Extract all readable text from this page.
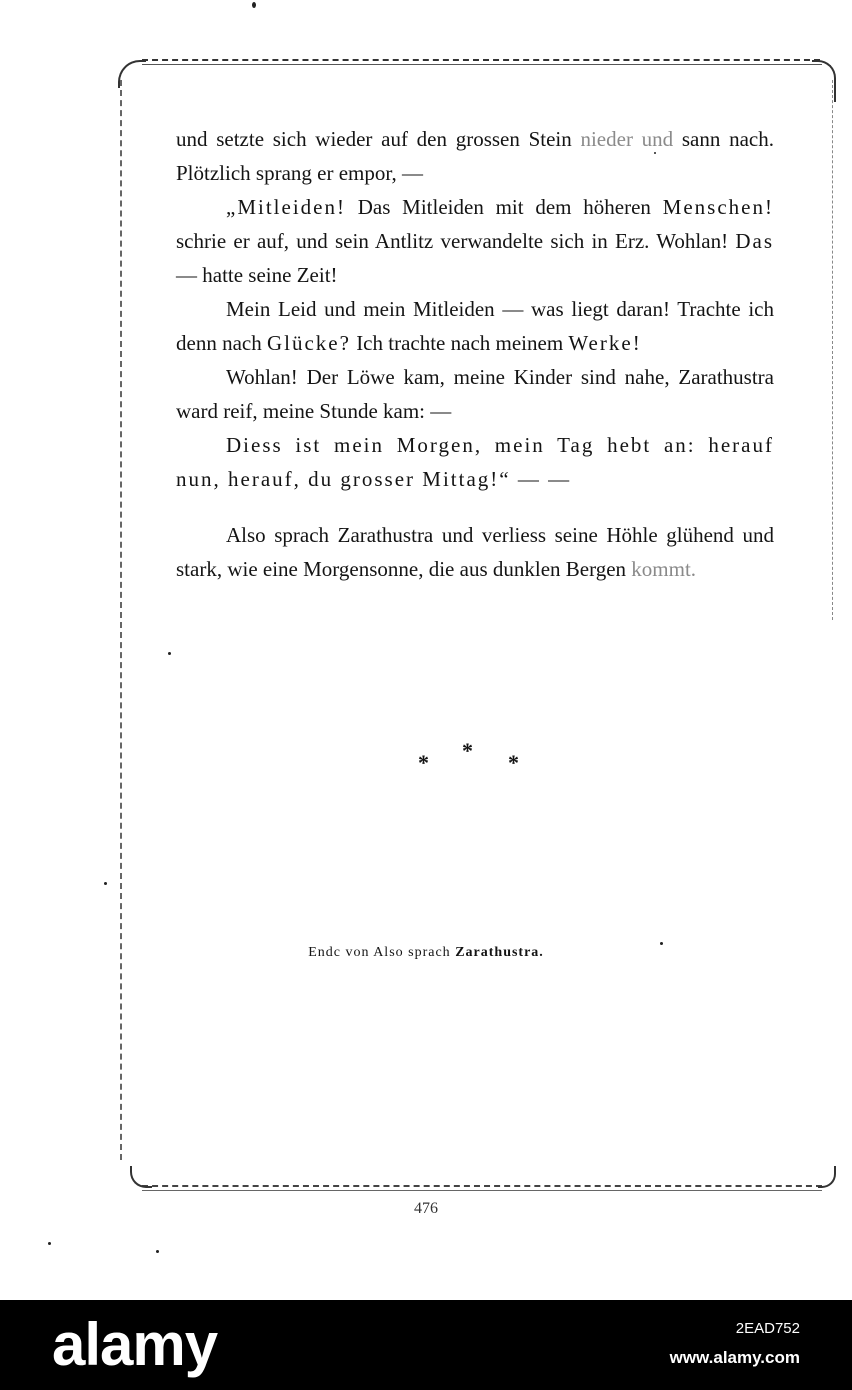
und setzte sich wieder auf den grossen Stein nieder und sann nach. Plötzlich sprang er empor, —

„Mitleiden! Das Mitleiden mit dem höheren Menschen! schrie er auf, und sein Antlitz verwandelte sich in Erz. Wohlan! Das — hatte seine Zeit!

Mein Leid und mein Mitleiden — was liegt daran! Trachte ich denn nach Glücke? Ich trachte nach meinem Werke!

Wohlan! Der Löwe kam, meine Kinder sind nahe, Zarathustra ward reif, meine Stunde kam: —

Diess ist mein Morgen, mein Tag hebt an: herauf nun, herauf, du grosser Mittag!“ — —

Also sprach Zarathustra und verliess seine Höhle glühend und stark, wie eine Morgensonne, die aus dunklen Bergen kommt.

* * *
Endc von Also sprach Zarathustra.
476
alamy	2EAD752
www.alamy.com
